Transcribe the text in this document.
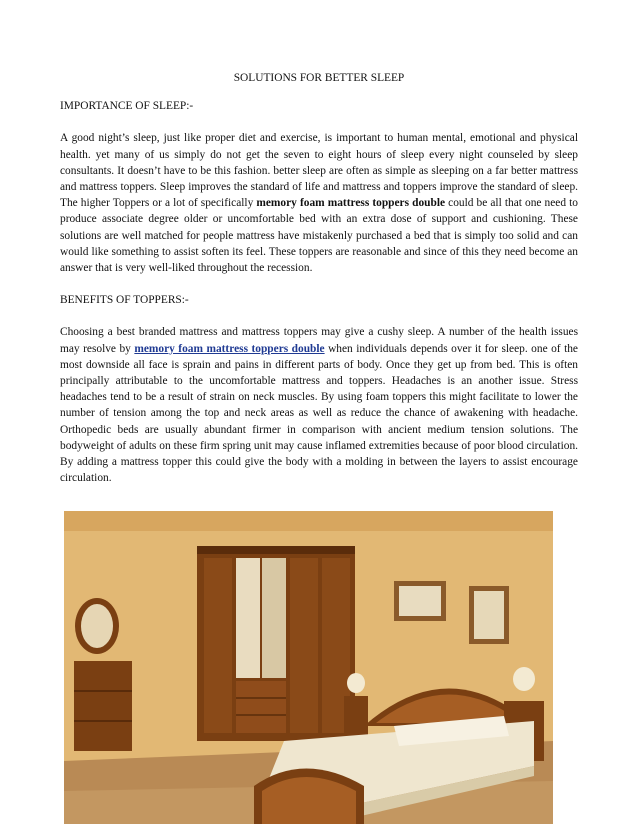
SOLUTIONS FOR BETTER SLEEP
IMPORTANCE OF SLEEP:-

A good night’s sleep, just like proper diet and exercise, is important to human mental, emotional and physical health. yet many of us simply do not get the seven to eight hours of sleep every night counseled by sleep consultants. It doesn’t have to be this fashion. better sleep are often as simple as sleeping on a far better mattress and mattress toppers. Sleep improves the standard of life and mattress and toppers improve the standard of sleep. The higher Toppers or a lot of specifically memory foam mattress toppers double could be all that one need to produce associate degree older or uncomfortable bed with an extra dose of support and cushioning. These solutions are well matched for people mattress have mistakenly purchased a bed that is simply too solid and can would like something to assist soften its feel. These toppers are reasonable and since of this they need become an answer that is very well-liked throughout the recession.

BENEFITS OF TOPPERS:-

Choosing a best branded mattress and mattress toppers may give a cushy sleep. A number of the health issues may resolve by memory foam mattress toppers double when individuals depends over it for sleep. one of the most downside all face is sprain and pains in different parts of body. Once they get up from bed. This is often principally attributable to the uncomfortable mattress and toppers. Headaches is an another issue. Stress headaches tend to be a result of strain on neck muscles. By using foam toppers this might facilitate to lower the number of tension among the top and neck areas as well as reduce the chance of awakening with headache. Orthopedic beds are usually abundant firmer in comparison with ancient medium tension solutions. The bodyweight of adults on these firm spring unit may cause inflamed extremities because of poor blood circulation. By adding a mattress topper this could give the body with a molding in between the layers to assist encourage circulation.
